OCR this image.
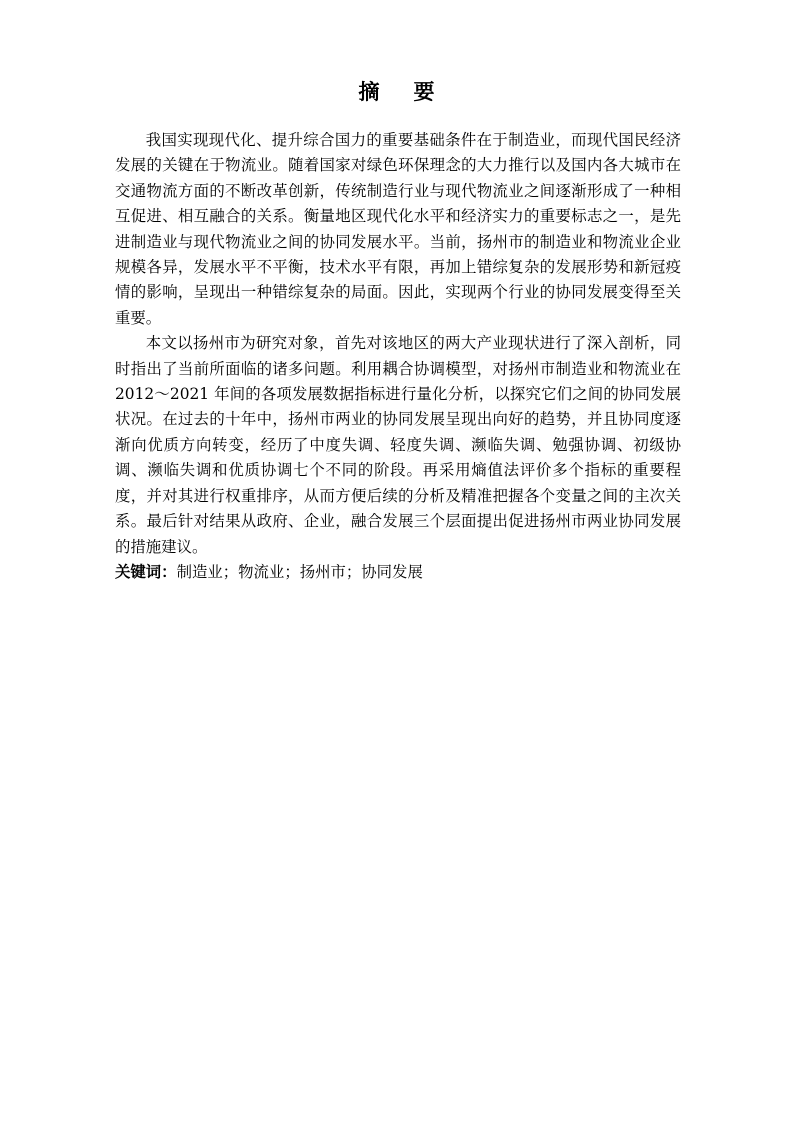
摘 要

我国实现现代化、提升综合国力的重要基础条件在于制造业，而现代国民经济发展的关键在于物流业。随着国家对绿色环保理念的大力推行以及国内各大城市在交通物流方面的不断改革创新，传统制造行业与现代物流业之间逐渐形成了一种相互促进、相互融合的关系。衡量地区现代化水平和经济实力的重要标志之一，是先进制造业与现代物流业之间的协同发展水平。当前，扬州市的制造业和物流业企业规模各异，发展水平不平衡，技术水平有限，再加上错综复杂的发展形势和新冠疫情的影响，呈现出一种错综复杂的局面。因此，实现两个行业的协同发展变得至关重要。

本文以扬州市为研究对象，首先对该地区的两大产业现状进行了深入剖析，同时指出了当前所面临的诸多问题。利用耦合协调模型，对扬州市制造业和物流业在 2012～2021 年间的各项发展数据指标进行量化分析，以探究它们之间的协同发展状况。在过去的十年中，扬州市两业的协同发展呈现出向好的趋势，并且协同度逐渐向优质方向转变，经历了中度失调、轻度失调、濒临失调、勉强协调、初级协调、濒临失调和优质协调七个不同的阶段。再采用熵值法评价多个指标的重要程度，并对其进行权重排序，从而方便后续的分析及精准把握各个变量之间的主次关系。最后针对结果从政府、企业，融合发展三个层面提出促进扬州市两业协同发展的措施建议。

关键词：制造业；物流业；扬州市；协同发展
